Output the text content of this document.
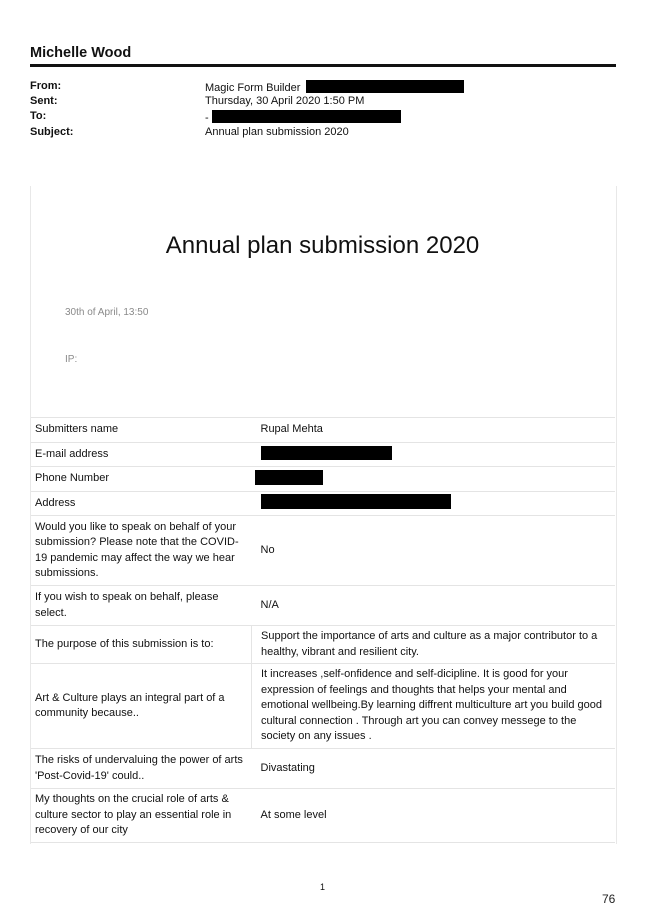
Michelle Wood
From:	Magic Form Builder
Sent:	Thursday, 30 April 2020 1:50 PM
To:	-
Subject:	Annual plan submission 2020
Annual plan submission 2020
30th of April, 13:50
IP:
Submitters name	Rupal Mehta
E-mail address	
Phone Number	
Address	
Would you like to speak on behalf of your submission? Please note that the COVID-19 pandemic may affect the way we hear submissions.	No
If you wish to speak on behalf, please select.	N/A
The purpose of this submission is to:	Support the importance of arts and culture as a major contributor to a healthy, vibrant and resilient city.
Art & Culture plays an integral part of a community because..	It increases ,self-onfidence and self-dicipline. It is good for your expression of feelings and thoughts that helps your mental and emotional wellbeing.By learning diffrent multiculture art you build good cultural connection . Through art you can convey messege to the society on any issues .
The risks of undervaluing the power of arts 'Post-Covid-19' could..	Divastating
My thoughts on the crucial role of arts & culture sector to play an essential role in recovery of our city	At some level
1
76
